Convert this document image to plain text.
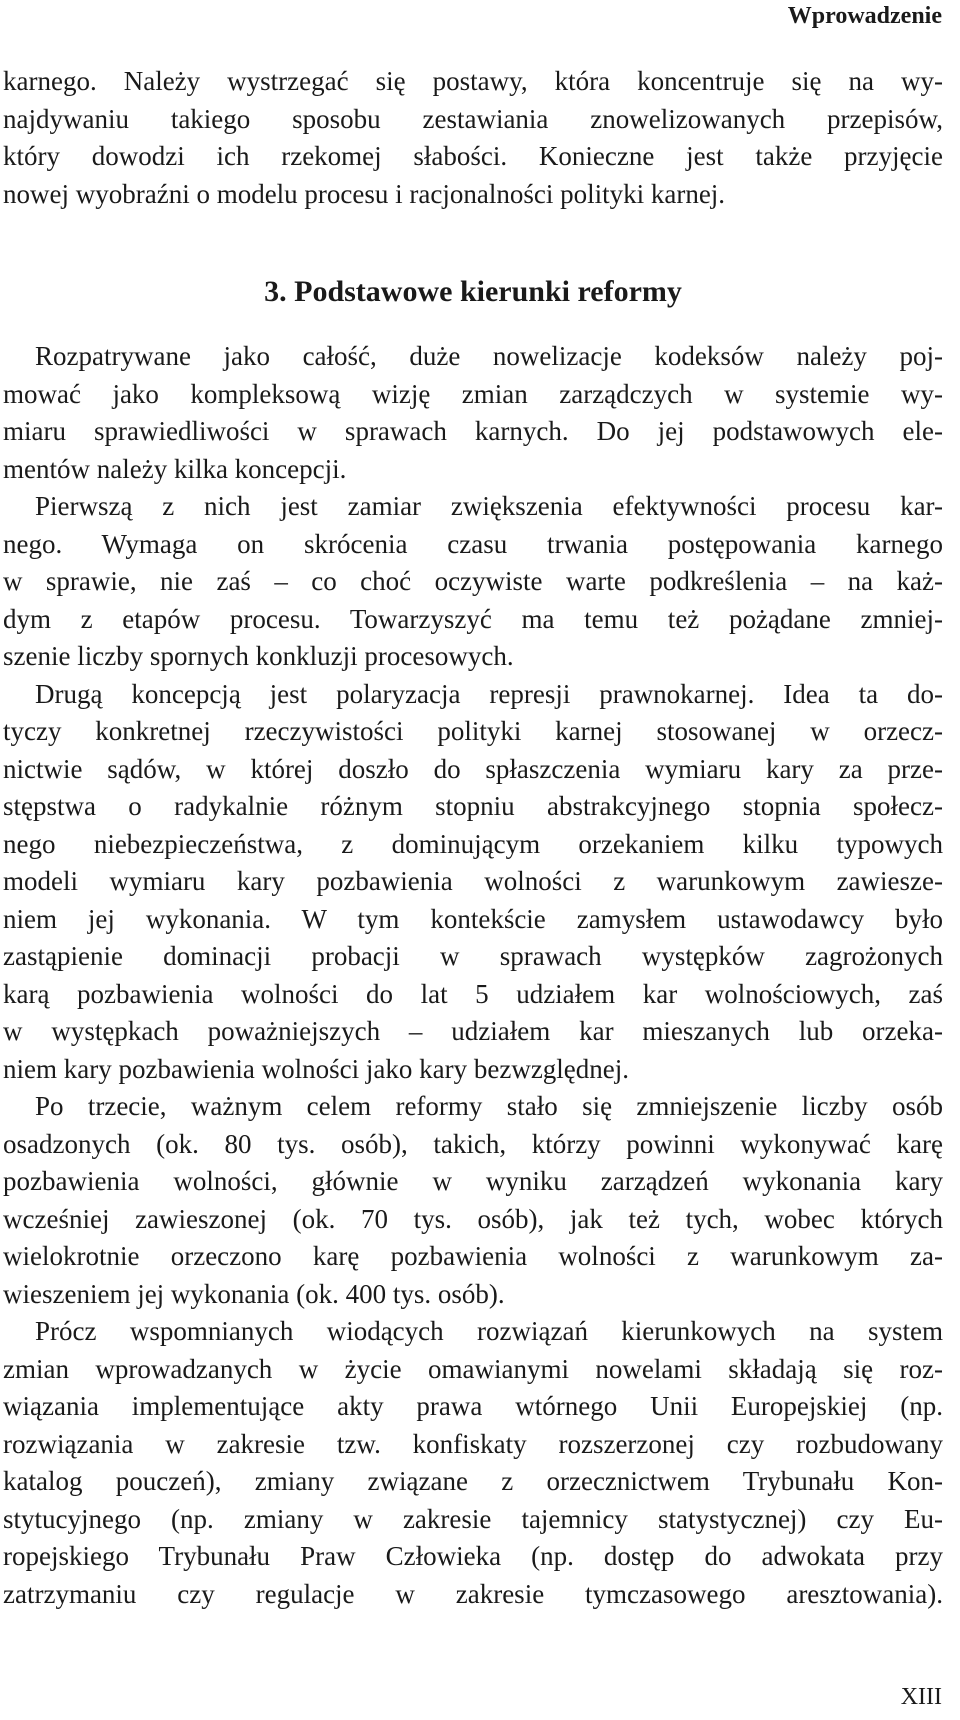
Wprowadzenie
karnego. Należy wystrzegać się postawy, która koncentruje się na wy-
najdywaniu takiego sposobu zestawiania znowelizowanych przepisów,
który dowodzi ich rzekomej słabości. Konieczne jest także przyjęcie
nowej wyobraźni o modelu procesu i racjonalności polityki karnej.
3. Podstawowe kierunki reformy
Rozpatrywane jako całość, duże nowelizacje kodeksów należy poj-
mować jako kompleksową wizję zmian zarządczych w systemie wy-
miaru sprawiedliwości w sprawach karnych. Do jej podstawowych ele-
mentów należy kilka koncepcji.
Pierwszą z nich jest zamiar zwiększenia efektywności procesu kar-
nego. Wymaga on skrócenia czasu trwania postępowania karnego
w sprawie, nie zaś – co choć oczywiste warte podkreślenia – na każ-
dym z etapów procesu. Towarzyszyć ma temu też pożądane zmniej-
szenie liczby spornych konkluzji procesowych.
Drugą koncepcją jest polaryzacja represji prawnokarnej. Idea ta do-
tyczy konkretnej rzeczywistości polityki karnej stosowanej w orzecz-
nictwie sądów, w której doszło do spłaszczenia wymiaru kary za prze-
stępstwa o radykalnie różnym stopniu abstrakcyjnego stopnia społecz-
nego niebezpieczeństwa, z dominującym orzekaniem kilku typowych
modeli wymiaru kary pozbawienia wolności z warunkowym zawiesze-
niem jej wykonania. W tym kontekście zamysłem ustawodawcy było
zastąpienie dominacji probacji w sprawach występków zagrożonych
karą pozbawienia wolności do lat 5 udziałem kar wolnościowych, zaś
w występkach poważniejszych – udziałem kar mieszanych lub orzeka-
niem kary pozbawienia wolności jako kary bezwzględnej.
Po trzecie, ważnym celem reformy stało się zmniejszenie liczby osób
osadzonych (ok. 80 tys. osób), takich, którzy powinni wykonywać karę
pozbawienia wolności, głównie w wyniku zarządzeń wykonania kary
wcześniej zawieszonej (ok. 70 tys. osób), jak też tych, wobec których
wielokrotnie orzeczono karę pozbawienia wolności z warunkowym za-
wieszeniem jej wykonania (ok. 400 tys. osób).
Prócz wspomnianych wiodących rozwiązań kierunkowych na system
zmian wprowadzanych w życie omawianymi nowelami składają się roz-
wiązania implementujące akty prawa wtórnego Unii Europejskiej (np.
rozwiązania w zakresie tzw. konfiskaty rozszerzonej czy rozbudowany
katalog pouczeń), zmiany związane z orzecznictwem Trybunału Kon-
stytucyjnego (np. zmiany w zakresie tajemnicy statystycznej) czy Eu-
ropejskiego Trybunału Praw Człowieka (np. dostęp do adwokata przy
zatrzymaniu czy regulacje w zakresie tymczasowego aresztowania).
XIII
